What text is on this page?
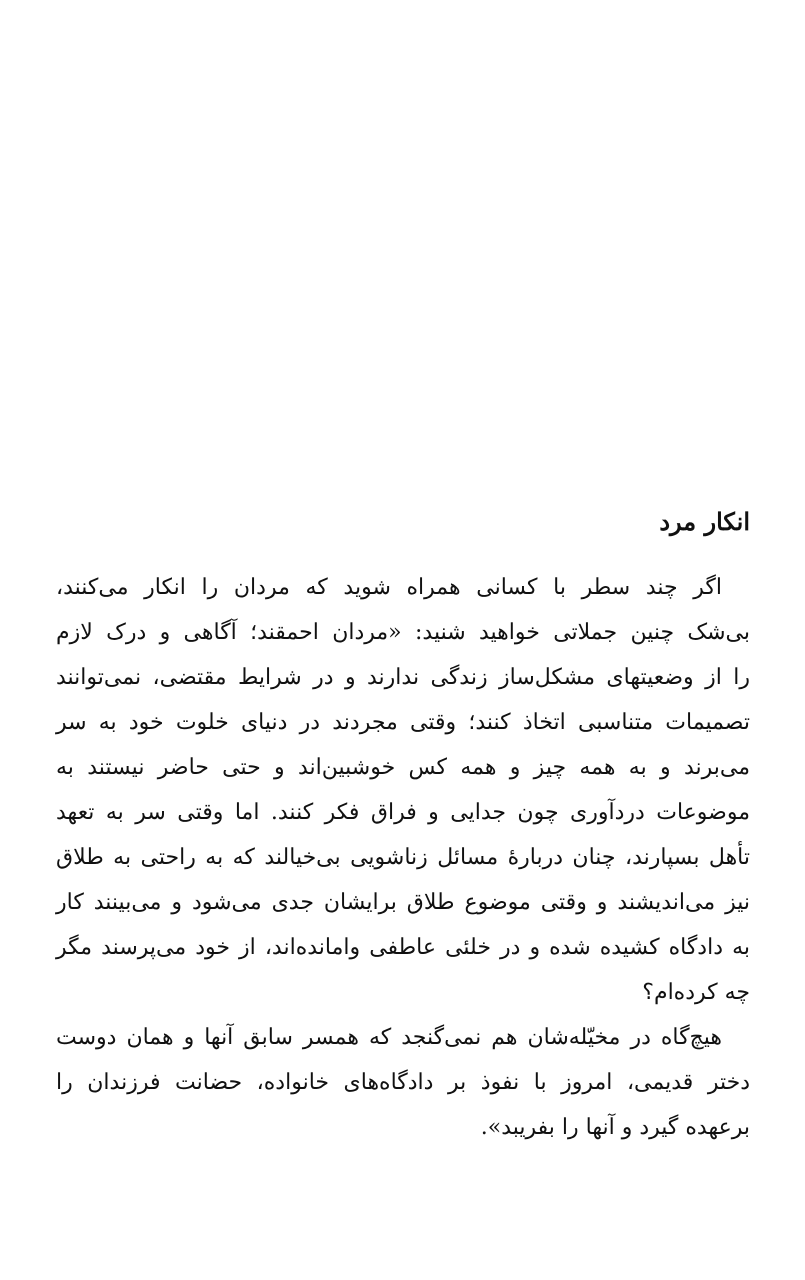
انکار مرد

اگر چند سطر با کسانی همراه شوید که مردان را انکار می‌کنند،
بی‌شک چنین جملاتی خواهید شنید: «مردان احمقند؛ آگاهی و درک لازم
را از وضعیتهای مشکل‌ساز زندگی ندارند و در شرایط مقتضی، نمی‌توانند
تصمیمات متناسبی اتخاذ کنند؛ وقتی مجردند در دنیای خلوت خود به سر
می‌برند و به همه چیز و همه کس خوشبین‌اند و حتی حاضر نیستند به
موضوعات دردآوری چون جدایی و فراق فکر کنند. اما وقتی سر به تعهد
تأهل بسپارند، چنان دربارهٔ مسائل زناشویی بی‌خیالند که به راحتی به طلاق
نیز می‌اندیشند و وقتی موضوع طلاق برایشان جدی می‌شود و می‌بینند کار
به دادگاه کشیده شده و در خلئی عاطفی وامانده‌اند، از خود می‌پرسند مگر
چه کرده‌ام؟

هیچ‌گاه در مخیّله‌شان هم نمی‌گنجد که همسر سابق آنها و همان دوست
دختر قدیمی، امروز با نفوذ بر دادگاه‌های خانواده، حضانت فرزندان را
برعهده گیرد و آنها را بفریبد».
